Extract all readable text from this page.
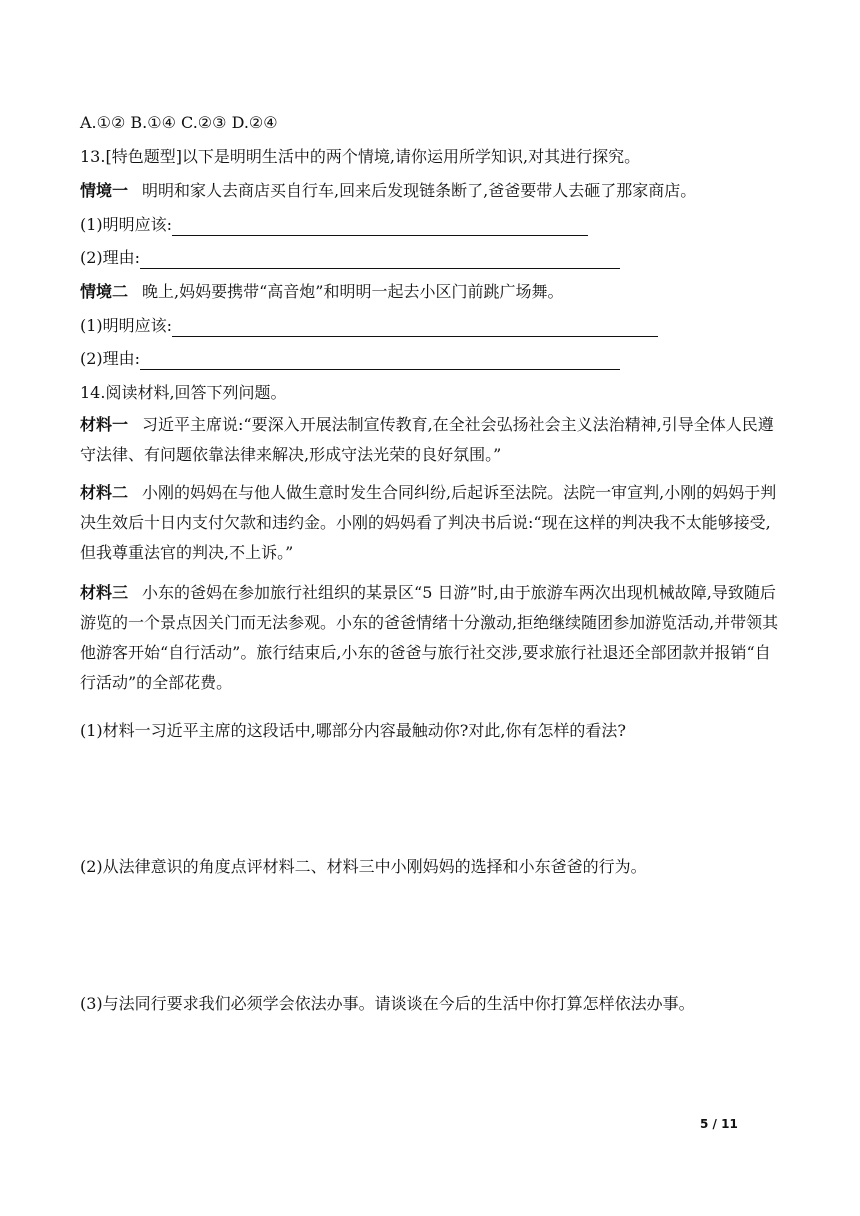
A.①② B.①④ C.②③ D.②④
13.[特色题型]以下是明明生活中的两个情境,请你运用所学知识,对其进行探究。
情境一 明明和家人去商店买自行车,回来后发现链条断了,爸爸要带人去砸了那家商店。
(1)明明应该:
(2)理由:
情境二 晚上,妈妈要携带“高音炮”和明明一起去小区门前跳广场舞。
(1)明明应该:
(2)理由:
14.阅读材料,回答下列问题。
材料一 习近平主席说:“要深入开展法制宣传教育,在全社会弘扬社会主义法治精神,引导全体人民遵守法律、有问题依靠法律来解决,形成守法光荣的良好氛围。”
材料二 小刚的妈妈在与他人做生意时发生合同纠纷,后起诉至法院。法院一审宣判,小刚的妈妈于判决生效后十日内支付欠款和违约金。小刚的妈妈看了判决书后说:“现在这样的判决我不太能够接受,但我尊重法官的判决,不上诉。”
材料三 小东的爸妈在参加旅行社组织的某景区“5 日游”时,由于旅游车两次出现机械故障,导致随后游览的一个景点因关门而无法参观。小东的爸爸情绪十分激动,拒绝继续随团参加游览活动,并带领其他游客开始“自行活动”。旅行结束后,小东的爸爸与旅行社交涉,要求旅行社退还全部团款并报销“自行活动”的全部花费。
(1)材料一习近平主席的这段话中,哪部分内容最触动你?对此,你有怎样的看法?
(2)从法律意识的角度点评材料二、材料三中小刚妈妈的选择和小东爸爸的行为。
(3)与法同行要求我们必须学会依法办事。请谈谈在今后的生活中你打算怎样依法办事。
5 / 11
